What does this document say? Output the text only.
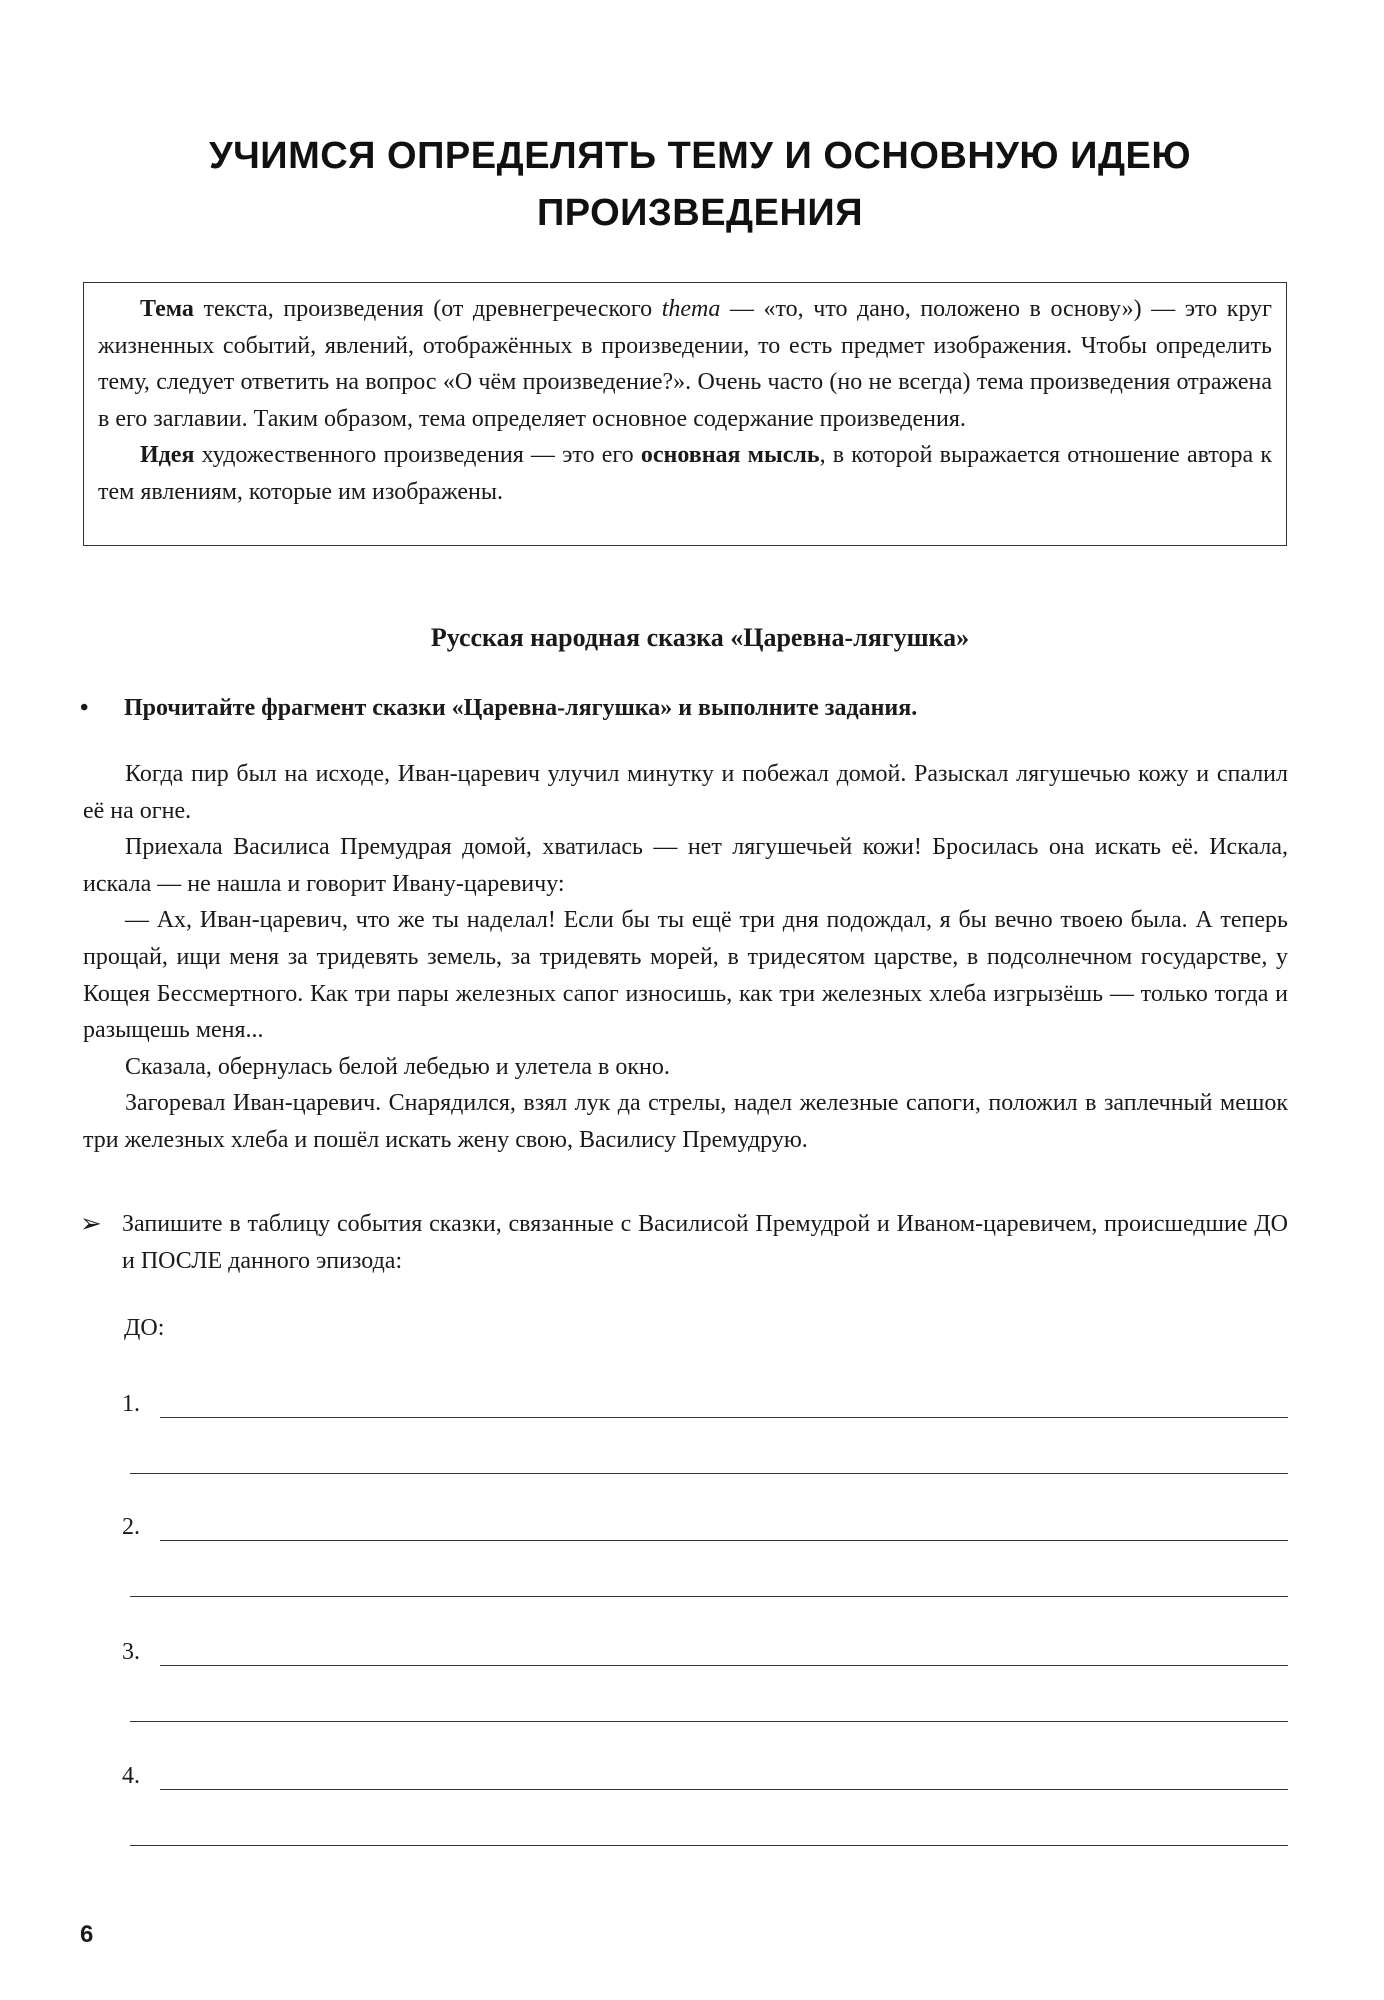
УЧИМСЯ ОПРЕДЕЛЯТЬ ТЕМУ И ОСНОВНУЮ ИДЕЮ
ПРОИЗВЕДЕНИЯ

Тема текста, произведения (от древнегреческого thema — «то, что дано, положено в основу») — это круг жизненных событий, явлений, отображённых в произведении, то есть предмет изображения. Чтобы определить тему, следует ответить на вопрос «О чём произведение?». Очень часто (но не всегда) тема произведения отражена в его заглавии. Таким образом, тема определяет основное содержание произведения.

Идея художественного произведения — это его основная мысль, в которой выражается отношение автора к тем явлениям, которые им изображены.

Русская народная сказка «Царевна-лягушка»
• Прочитайте фрагмент сказки «Царевна-лягушка» и выполните задания.

Когда пир был на исходе, Иван-царевич улучил минутку и побежал домой. Разыскал лягушечью кожу и спалил её на огне.

Приехала Василиса Премудрая домой, хватилась — нет лягушечьей кожи! Бросилась она искать её. Искала, искала — не нашла и говорит Ивану-царевичу:

— Ах, Иван-царевич, что же ты наделал! Если бы ты ещё три дня подождал, я бы вечно твоею была. А теперь прощай, ищи меня за тридевять земель, за тридевять морей, в тридесятом царстве, в подсолнечном государстве, у Кощея Бессмертного. Как три пары железных сапог износишь, как три железных хлеба изгрызёшь — только тогда и разыщешь меня...

Сказала, обернулась белой лебедью и улетела в окно.

Загоревал Иван-царевич. Снарядился, взял лук да стрелы, надел железные сапоги, положил в заплечный мешок три железных хлеба и пошёл искать жену свою, Василису Премудрую.

➢ Запишите в таблицу события сказки, связанные с Василисой Премудрой и Иваном-царевичем, происшедшие ДО и ПОСЛЕ данного эпизода:
ДО:
1.
2.
3.
4.
6
